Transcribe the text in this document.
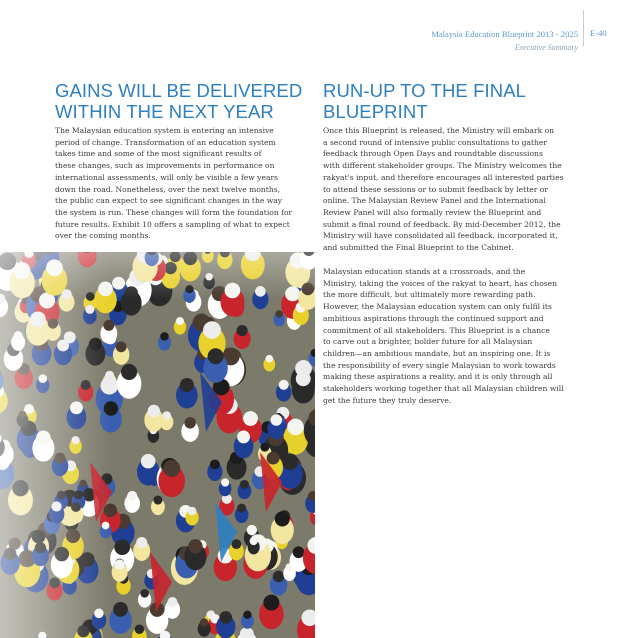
Malaysia Education Blueprint 2013 - 2025
Executive Summary
E-40
GAINS WILL BE DELIVERED
WITHIN THE NEXT YEAR

The Malaysian education system is entering an intensive
period of change. Transformation of an education system
takes time and some of the most significant results of
these changes, such as improvements in performance on
international assessments, will only be visible a few years
down the road. Nonetheless, over the next twelve months,
the public can expect to see significant changes in the way
the system is run. These changes will form the foundation for
future results. Exhibit 10 offers a sampling of what to expect
over the coming months.

RUN-UP TO THE FINAL
BLUEPRINT

Once this Blueprint is released, the Ministry will embark on
a second round of intensive public consultations to gather
feedback through Open Days and roundtable discussions
with different stakeholder groups. The Ministry welcomes the
rakyat's input, and therefore encourages all interested parties
to attend these sessions or to submit feedback by letter or
online. The Malaysian Review Panel and the International
Review Panel will also formally review the Blueprint and
submit a final round of feedback. By mid-December 2012, the
Ministry will have consolidated all feedback, incorporated it,
and submitted the Final Blueprint to the Cabinet.

Malaysian education stands at a crossroads, and the
Ministry, taking the voices of the rakyat to heart, has chosen
the more difficult, but ultimately more rewarding path.
However, the Malaysian education system can only fulfil its
ambitious aspirations through the continued support and
commitment of all stakeholders. This Blueprint is a chance
to carve out a brighter, bolder future for all Malaysian
children—an ambitious mandate, but an inspiring one. It is
the responsibility of every single Malaysian to work towards
making these aspirations a reality, and it is only through all
stakeholders working together that all Malaysian children will
get the future they truly deserve.
